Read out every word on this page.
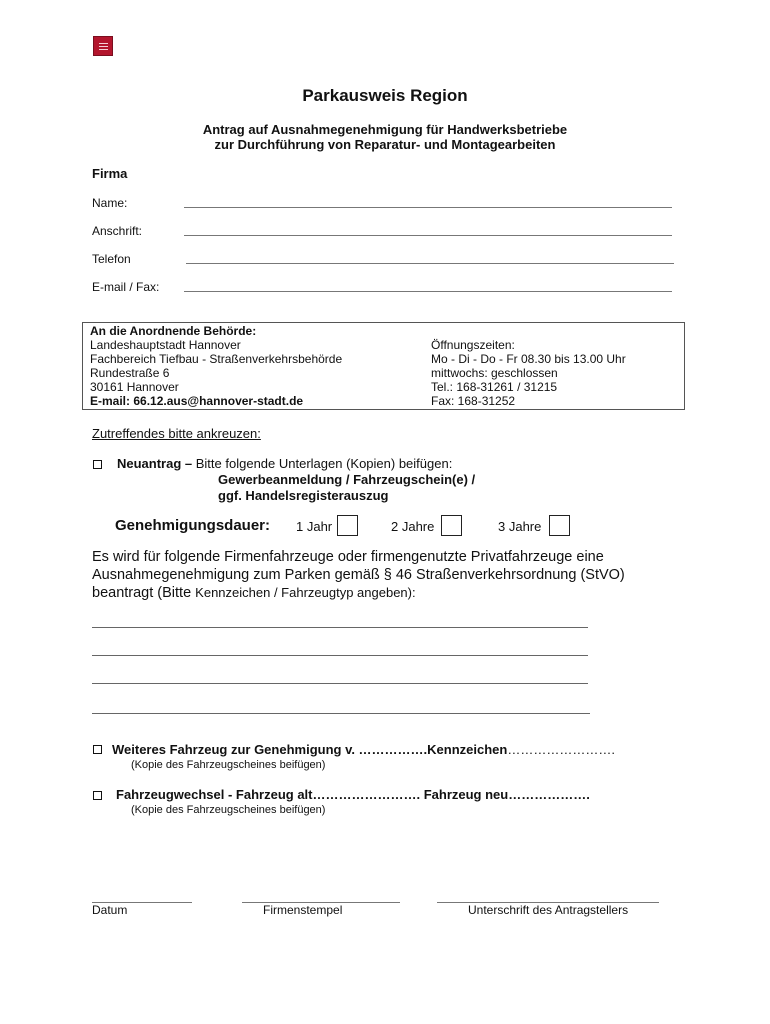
Parkausweis Region
Antrag auf Ausnahmegenehmigung für Handwerksbetriebe
zur Durchführung von Reparatur- und Montagearbeiten
Firma
Name:
Anschrift:
Telefon
E-mail / Fax:
An die Anordnende Behörde:
Landeshauptstadt Hannover
Fachbereich Tiefbau - Straßenverkehrsbehörde
Rundestraße 6
30161 Hannover
E-mail: 66.12.aus@hannover-stadt.de
Öffnungszeiten:
Mo - Di - Do - Fr 08.30 bis 13.00 Uhr
mittwochs: geschlossen
Tel.: 168-31261 / 31215
Fax: 168-31252
Zutreffendes bitte ankreuzen:
Neuantrag – Bitte folgende Unterlagen (Kopien) beifügen:
Gewerbeanmeldung / Fahrzeugschein(e) /
ggf. Handelsregisterauszug
Genehmigungsdauer: 1 Jahr	2 Jahre	3 Jahre
Es wird für folgende Firmenfahrzeuge oder firmengenutzte Privatfahrzeuge eine
Ausnahmegenehmigung zum Parken gemäß § 46 Straßenverkehrsordnung (StVO)
beantragt (Bitte Kennzeichen / Fahrzeugtyp angeben):
Weiteres Fahrzeug zur Genehmigung v. …………….Kennzeichen…………………….
(Kopie des Fahrzeugscheines beifügen)
Fahrzeugwechsel - Fahrzeug alt……………………. Fahrzeug neu……………….
(Kopie des Fahrzeugscheines beifügen)
Datum	Firmenstempel	Unterschrift des Antragstellers
